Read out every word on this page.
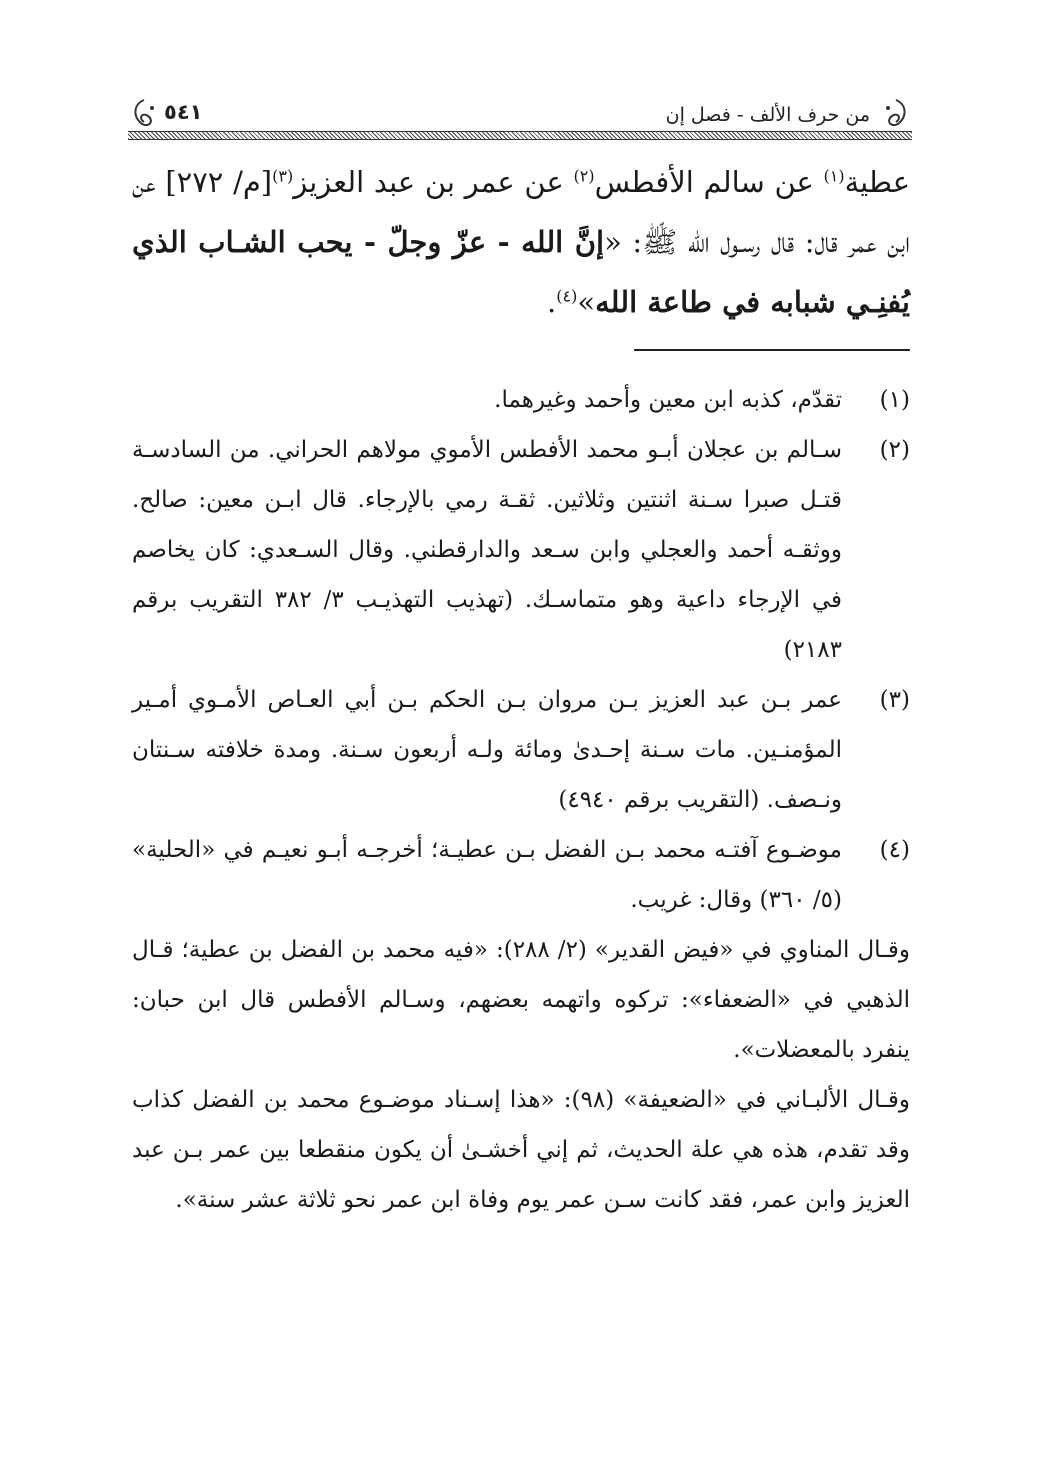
من حرف الألف - فصل إن
٥٤١
عطية$^{(١)}$ عن سالم الأفطس$^{(٢)}$ عن عمر بن عبد العزيز$^{(٣)}$[م/ ٢٧٢] عن ابن عمر قال: قال رسـول الله ﷺ: «إنَّ الله - عزّ وجلّ - يحب الشـاب الذي يُفنِـي شبابه في طاعة الله»$^{(٤)}$.
(١)
تقدّم، كذبه ابن معين وأحمد وغيرهما.
(٢)
سـالم بن عجلان أبـو محمد الأفطس الأموي مولاهم الحراني. من السادسـة قتـل صبرا سـنة اثنتين وثلاثين. ثقـة رمي بالإرجاء. قال ابـن معين: صالح. ووثقـه أحمد والعجلي وابن سـعد والدارقطني. وقال السـعدي: كان يخاصم في الإرجاء داعية وهو متماسـك. (تهذيب التهذيـب ٣/ ٣٨٢ التقريب برقم ٢١٨٣)
(٣)
عمر بـن عبد العزيز بـن مروان بـن الحكم بـن أبي العـاص الأمـوي أمـير المؤمنـين. مات سـنة إحـدىٰ ومائة ولـه أربعون سـنة. ومدة خلافته سـنتان ونـصف. (التقريب برقم ٤٩٤٠)
(٤)
موضـوع آفتـه محمد بـن الفضل بـن عطيـة؛ أخرجـه أبـو نعيـم في «الحلية» (٥/ ٣٦٠) وقال: غريب.
وقـال المناوي في «فيض القدير» (٢/ ٢٨٨): «فيه محمد بن الفضل بن عطية؛ قـال الذهبي في «الضعفاء»: تركوه واتهمه بعضهم، وسـالم الأفطس قال ابن حبان: ينفرد بالمعضلات».
وقـال الألبـاني في «الضعيفة» (٩٨): «هذا إسـناد موضـوع محمد بن الفضل كذاب وقد تقدم، هذه هي علة الحديث، ثم إني أخشـىٰ أن يكون منقطعا بين عمر بـن عبد العزيز وابن عمر، فقد كانت سـن عمر يوم وفاة ابن عمر نحو ثلاثة عشر سنة».
